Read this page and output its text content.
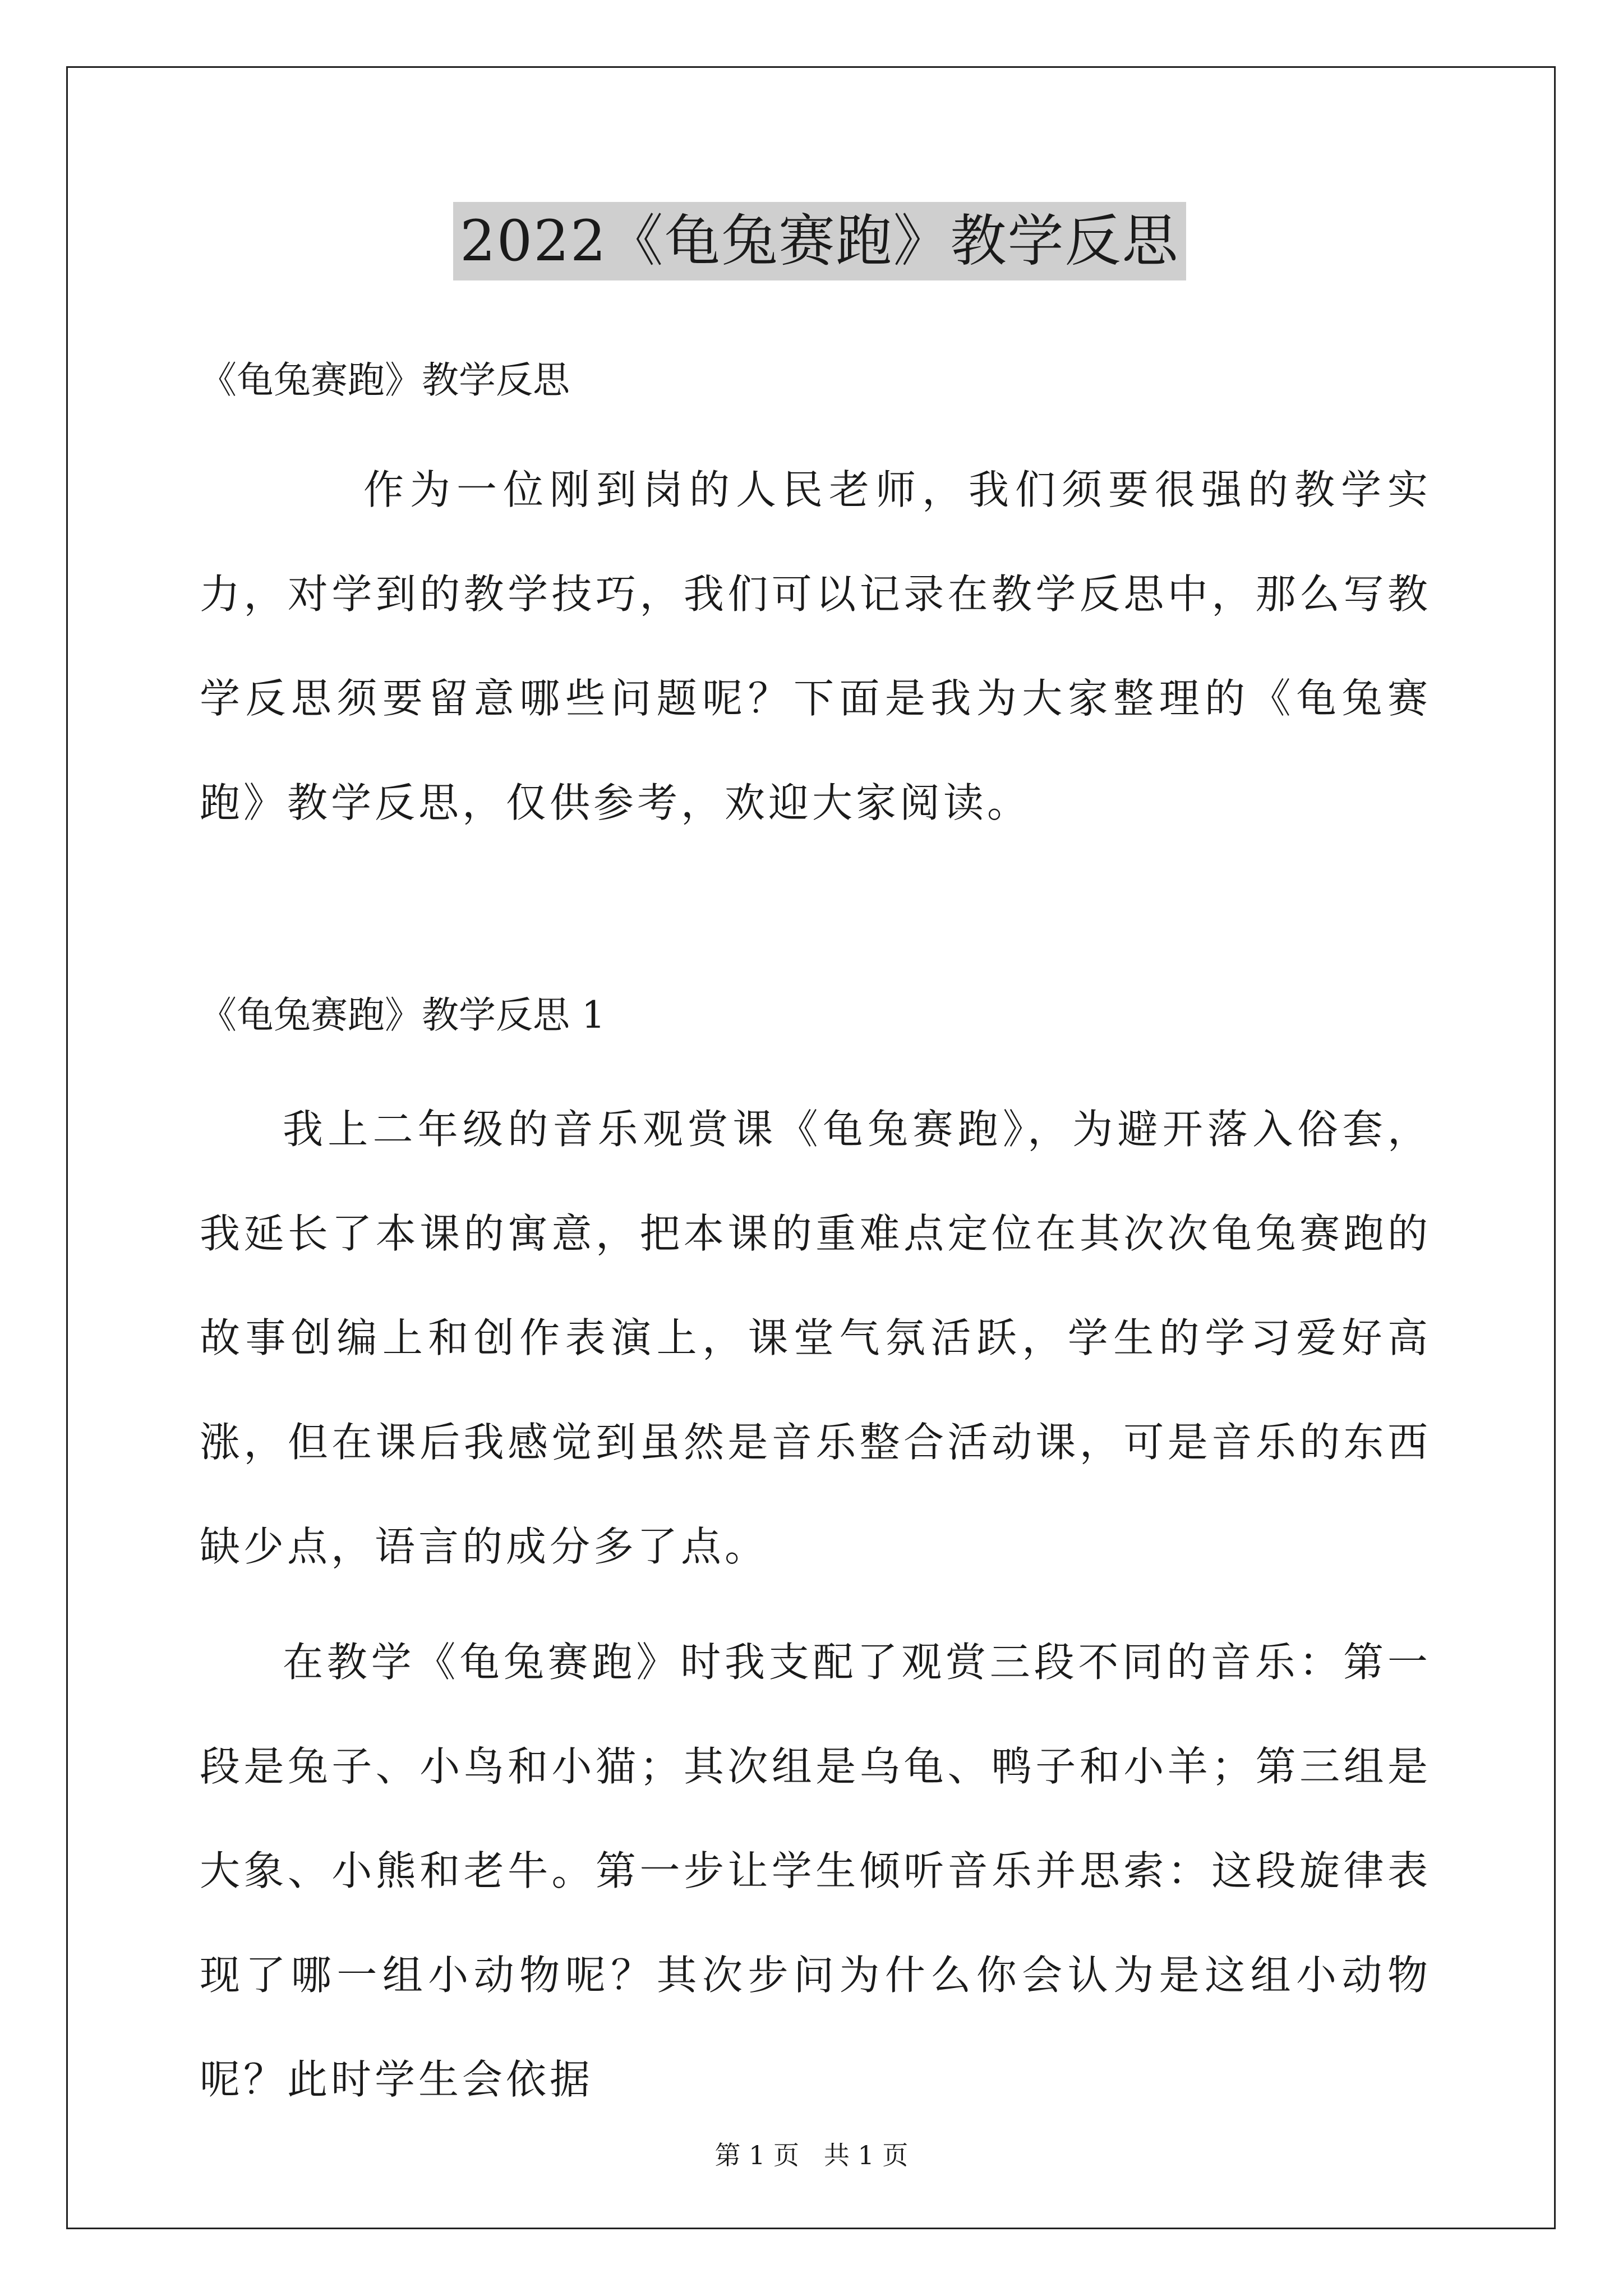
2022《龟兔赛跑》教学反思
《龟兔赛跑》教学反思

作为一位刚到岗的人民老师，我们须要很强的教学实力，对学到的教学技巧，我们可以记录在教学反思中，那么写教学反思须要留意哪些问题呢？下面是我为大家整理的《龟兔赛跑》教学反思，仅供参考，欢迎大家阅读。

《龟兔赛跑》教学反思 1

我上二年级的音乐观赏课《龟兔赛跑》，为避开落入俗套，我延长了本课的寓意，把本课的重难点定位在其次次龟兔赛跑的故事创编上和创作表演上，课堂气氛活跃，学生的学习爱好高涨，但在课后我感觉到虽然是音乐整合活动课，可是音乐的东西缺少点，语言的成分多了点。

在教学《龟兔赛跑》时我支配了观赏三段不同的音乐：第一段是兔子、小鸟和小猫；其次组是乌龟、鸭子和小羊；第三组是大象、小熊和老牛。第一步让学生倾听音乐并思索：这段旋律表现了哪一组小动物呢？其次步问为什么你会认为是这组小动物呢？此时学生会依据

第 1 页   共 1 页
